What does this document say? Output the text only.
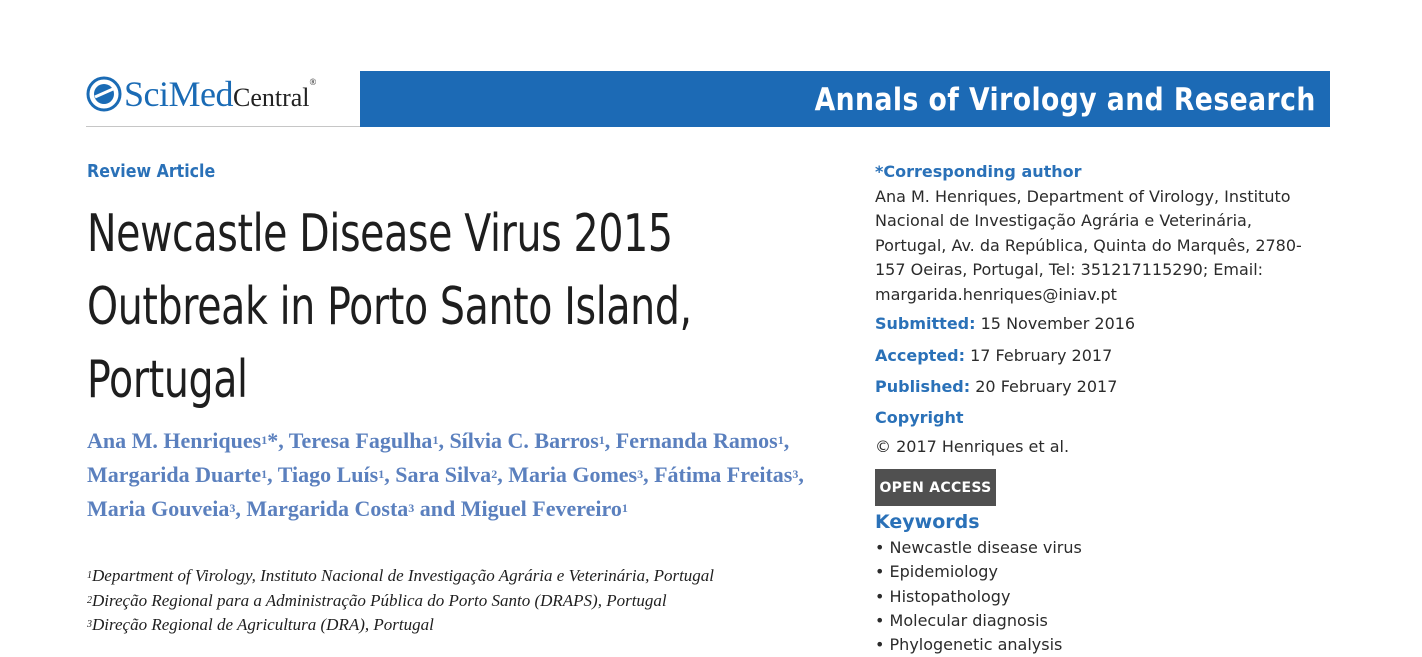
SciMedCentral®	Annals of Virology and Research
Review Article
Newcastle Disease Virus 2015 Outbreak in Porto Santo Island, Portugal

Ana M. Henriques$^1$*, Teresa Fagulha$^1$, Sílvia C. Barros$^1$, Fernanda Ramos$^1$, Margarida Duarte$^1$, Tiago Luís$^1$, Sara Silva$^2$, Maria Gomes$^3$, Fátima Freitas$^3$, Maria Gouveia$^3$, Margarida Costa$^3$ and Miguel Fevereiro$^1$

$^1$Department of Virology, Instituto Nacional de Investigação Agrária e Veterinária, Portugal
$^2$Direção Regional para a Administração Pública do Porto Santo (DRAPS), Portugal
$^3$Direção Regional de Agricultura (DRA), Portugal
*Corresponding author
Ana M. Henriques, Department of Virology, Instituto Nacional de Investigação Agrária e Veterinária, Portugal, Av. da República, Quinta do Marquês, 2780-157 Oeiras, Portugal, Tel: 351217115290; Email: margarida.henriques@iniav.pt
Submitted: 15 November 2016
Accepted: 17 February 2017
Published: 20 February 2017
Copyright
© 2017 Henriques et al.
OPEN ACCESS
Keywords
• Newcastle disease virus
• Epidemiology
• Histopathology
• Molecular diagnosis
• Phylogenetic analysis
